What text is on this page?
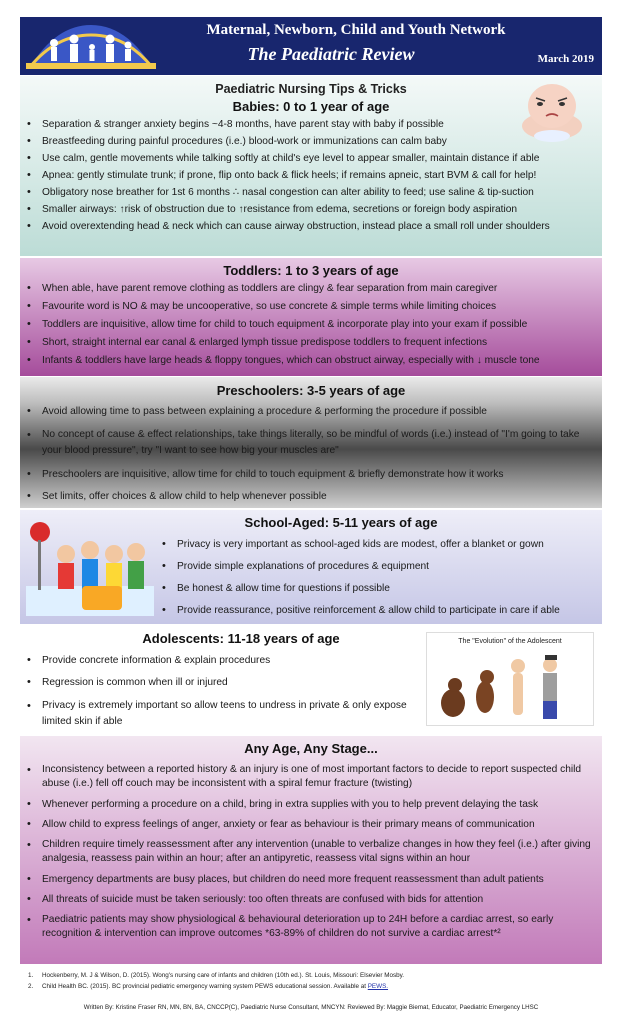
Maternal, Newborn, Child and Youth Network
The Paediatric Review	March 2019
Paediatric Nursing Tips & Tricks
Babies: 0 to 1 year of age
• Separation & stranger anxiety begins ~4-8 months, have parent stay with baby if possible
• Breastfeeding during painful procedures (i.e.) blood-work or immunizations can calm baby
• Use calm, gentle movements while talking softly at child's eye level to appear smaller, maintain distance if able
• Apnea: gently stimulate trunk; if prone, flip onto back & flick heels; if remains apneic, start BVM & call for help!
• Obligatory nose breather for 1st 6 months ∴ nasal congestion can alter ability to feed; use saline & tip-suction
• Smaller airways: ↑risk of obstruction due to ↑resistance from edema, secretions or foreign body aspiration
• Avoid overextending head & neck which can cause airway obstruction, instead place a small roll under shoulders
Toddlers: 1 to 3 years of age
• When able, have parent remove clothing as toddlers are clingy & fear separation from main caregiver
• Favourite word is NO & may be uncooperative, so use concrete & simple terms while limiting choices
• Toddlers are inquisitive, allow time for child to touch equipment & incorporate play into your exam if possible
• Short, straight internal ear canal & enlarged lymph tissue predispose toddlers to frequent infections
• Infants & toddlers have large heads & floppy tongues, which can obstruct airway, especially with ↓ muscle tone
Preschoolers: 3-5 years of age
• Avoid allowing time to pass between explaining a procedure & performing the procedure if possible
• No concept of cause & effect relationships, take things literally, so be mindful of words (i.e.) instead of "I'm going to take your blood pressure", try "I want to see how big your muscles are"
• Preschoolers are inquisitive, allow time for child to touch equipment & briefly demonstrate how it works
• Set limits, offer choices & allow child to help whenever possible
School-Aged: 5-11 years of age
• Privacy is very important as school-aged kids are modest, offer a blanket or gown
• Provide simple explanations of procedures & equipment
• Be honest & allow time for questions if possible
• Provide reassurance, positive reinforcement & allow child to participate in care if able
Adolescents: 11-18 years of age	The "Evolution" of the Adolescent
• Provide concrete information & explain procedures
• Regression is common when ill or injured
• Privacy is extremely important so allow teens to undress in private & only expose limited skin if able
Any Age, Any Stage...
• Inconsistency between a reported history & an injury is one of most important factors to decide to report suspected child abuse (i.e.) fell off couch may be inconsistent with a spiral femur fracture (twisting)
• Whenever performing a procedure on a child, bring in extra supplies with you to help prevent delaying the task
• Allow child to express feelings of anger, anxiety or fear as behaviour is their primary means of communication
• Children require timely reassessment after any intervention (unable to verbalize changes in how they feel (i.e.) after giving analgesia, reassess pain within an hour; after an antipyretic, reassess vital signs within an hour
• Emergency departments are busy places, but children do need more frequent reassessment than adult patients
• All threats of suicide must be taken seriously: too often threats are confused with bids for attention
• Paediatric patients may show physiological & behavioural deterioration up to 24H before a cardiac arrest, so early recognition & intervention can improve outcomes *63-89% of children do not survive a cardiac arrest*²
1. Hockenberry, M. J & Wilson, D. (2015). Wong's nursing care of infants and children (10th ed.). St. Louis, Missouri: Elsevier Mosby.
2. Child Health BC. (2015). BC provincial pediatric emergency warning system PEWS educational session. Available at PEWS.
Written By: Kristine Fraser RN, MN, BN, BA, CNCCP(C), Paediatric Nurse Consultant, MNCYN: Reviewed By: Maggie Biemat, Educator, Paediatric Emergency LHSC
